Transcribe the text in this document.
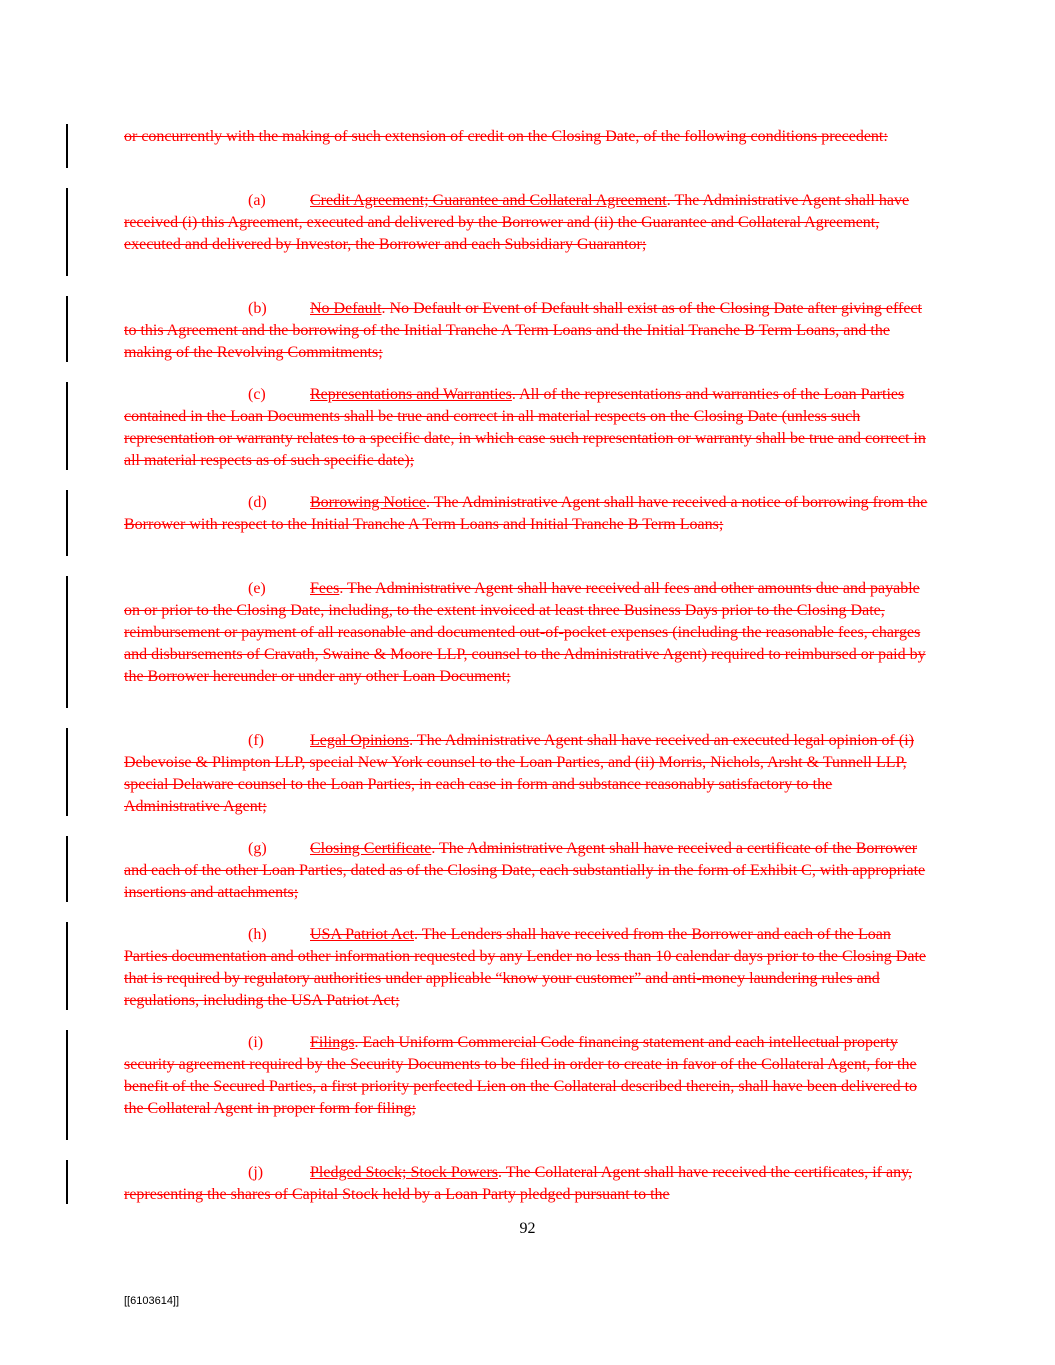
or concurrently with the making of such extension of credit on the Closing Date, of the following conditions precedent:

(a)	Credit Agreement; Guarantee and Collateral Agreement. The Administrative Agent shall have received (i) this Agreement, executed and delivered by the Borrower and (ii) the Guarantee and Collateral Agreement, executed and delivered by Investor, the Borrower and each Subsidiary Guarantor;

(b)	No Default. No Default or Event of Default shall exist as of the Closing Date after giving effect to this Agreement and the borrowing of the Initial Tranche A Term Loans and the Initial Tranche B Term Loans, and the making of the Revolving Commitments;

(c)	Representations and Warranties. All of the representations and warranties of the Loan Parties contained in the Loan Documents shall be true and correct in all material respects on the Closing Date (unless such representation or warranty relates to a specific date, in which case such representation or warranty shall be true and correct in all material respects as of such specific date);

(d)	Borrowing Notice. The Administrative Agent shall have received a notice of borrowing from the Borrower with respect to the Initial Tranche A Term Loans and Initial Tranche B Term Loans;

(e)	Fees. The Administrative Agent shall have received all fees and other amounts due and payable on or prior to the Closing Date, including, to the extent invoiced at least three Business Days prior to the Closing Date, reimbursement or payment of all reasonable and documented out-of-pocket expenses (including the reasonable fees, charges and disbursements of Cravath, Swaine & Moore LLP, counsel to the Administrative Agent) required to reimbursed or paid by the Borrower hereunder or under any other Loan Document;

(f)	Legal Opinions. The Administrative Agent shall have received an executed legal opinion of (i) Debevoise & Plimpton LLP, special New York counsel to the Loan Parties, and (ii) Morris, Nichols, Arsht & Tunnell LLP, special Delaware counsel to the Loan Parties, in each case in form and substance reasonably satisfactory to the Administrative Agent;

(g)	Closing Certificate. The Administrative Agent shall have received a certificate of the Borrower and each of the other Loan Parties, dated as of the Closing Date, each substantially in the form of Exhibit C, with appropriate insertions and attachments;

(h)	USA Patriot Act. The Lenders shall have received from the Borrower and each of the Loan Parties documentation and other information requested by any Lender no less than 10 calendar days prior to the Closing Date that is required by regulatory authorities under applicable “know your customer” and anti-money laundering rules and regulations, including the USA Patriot Act;

(i)	Filings. Each Uniform Commercial Code financing statement and each intellectual property security agreement required by the Security Documents to be filed in order to create in favor of the Collateral Agent, for the benefit of the Secured Parties, a first priority perfected Lien on the Collateral described therein, shall have been delivered to the Collateral Agent in proper form for filing;

(j)	Pledged Stock; Stock Powers. The Collateral Agent shall have received the certificates, if any, representing the shares of Capital Stock held by a Loan Party pledged pursuant to the

92
[[6103614]]
